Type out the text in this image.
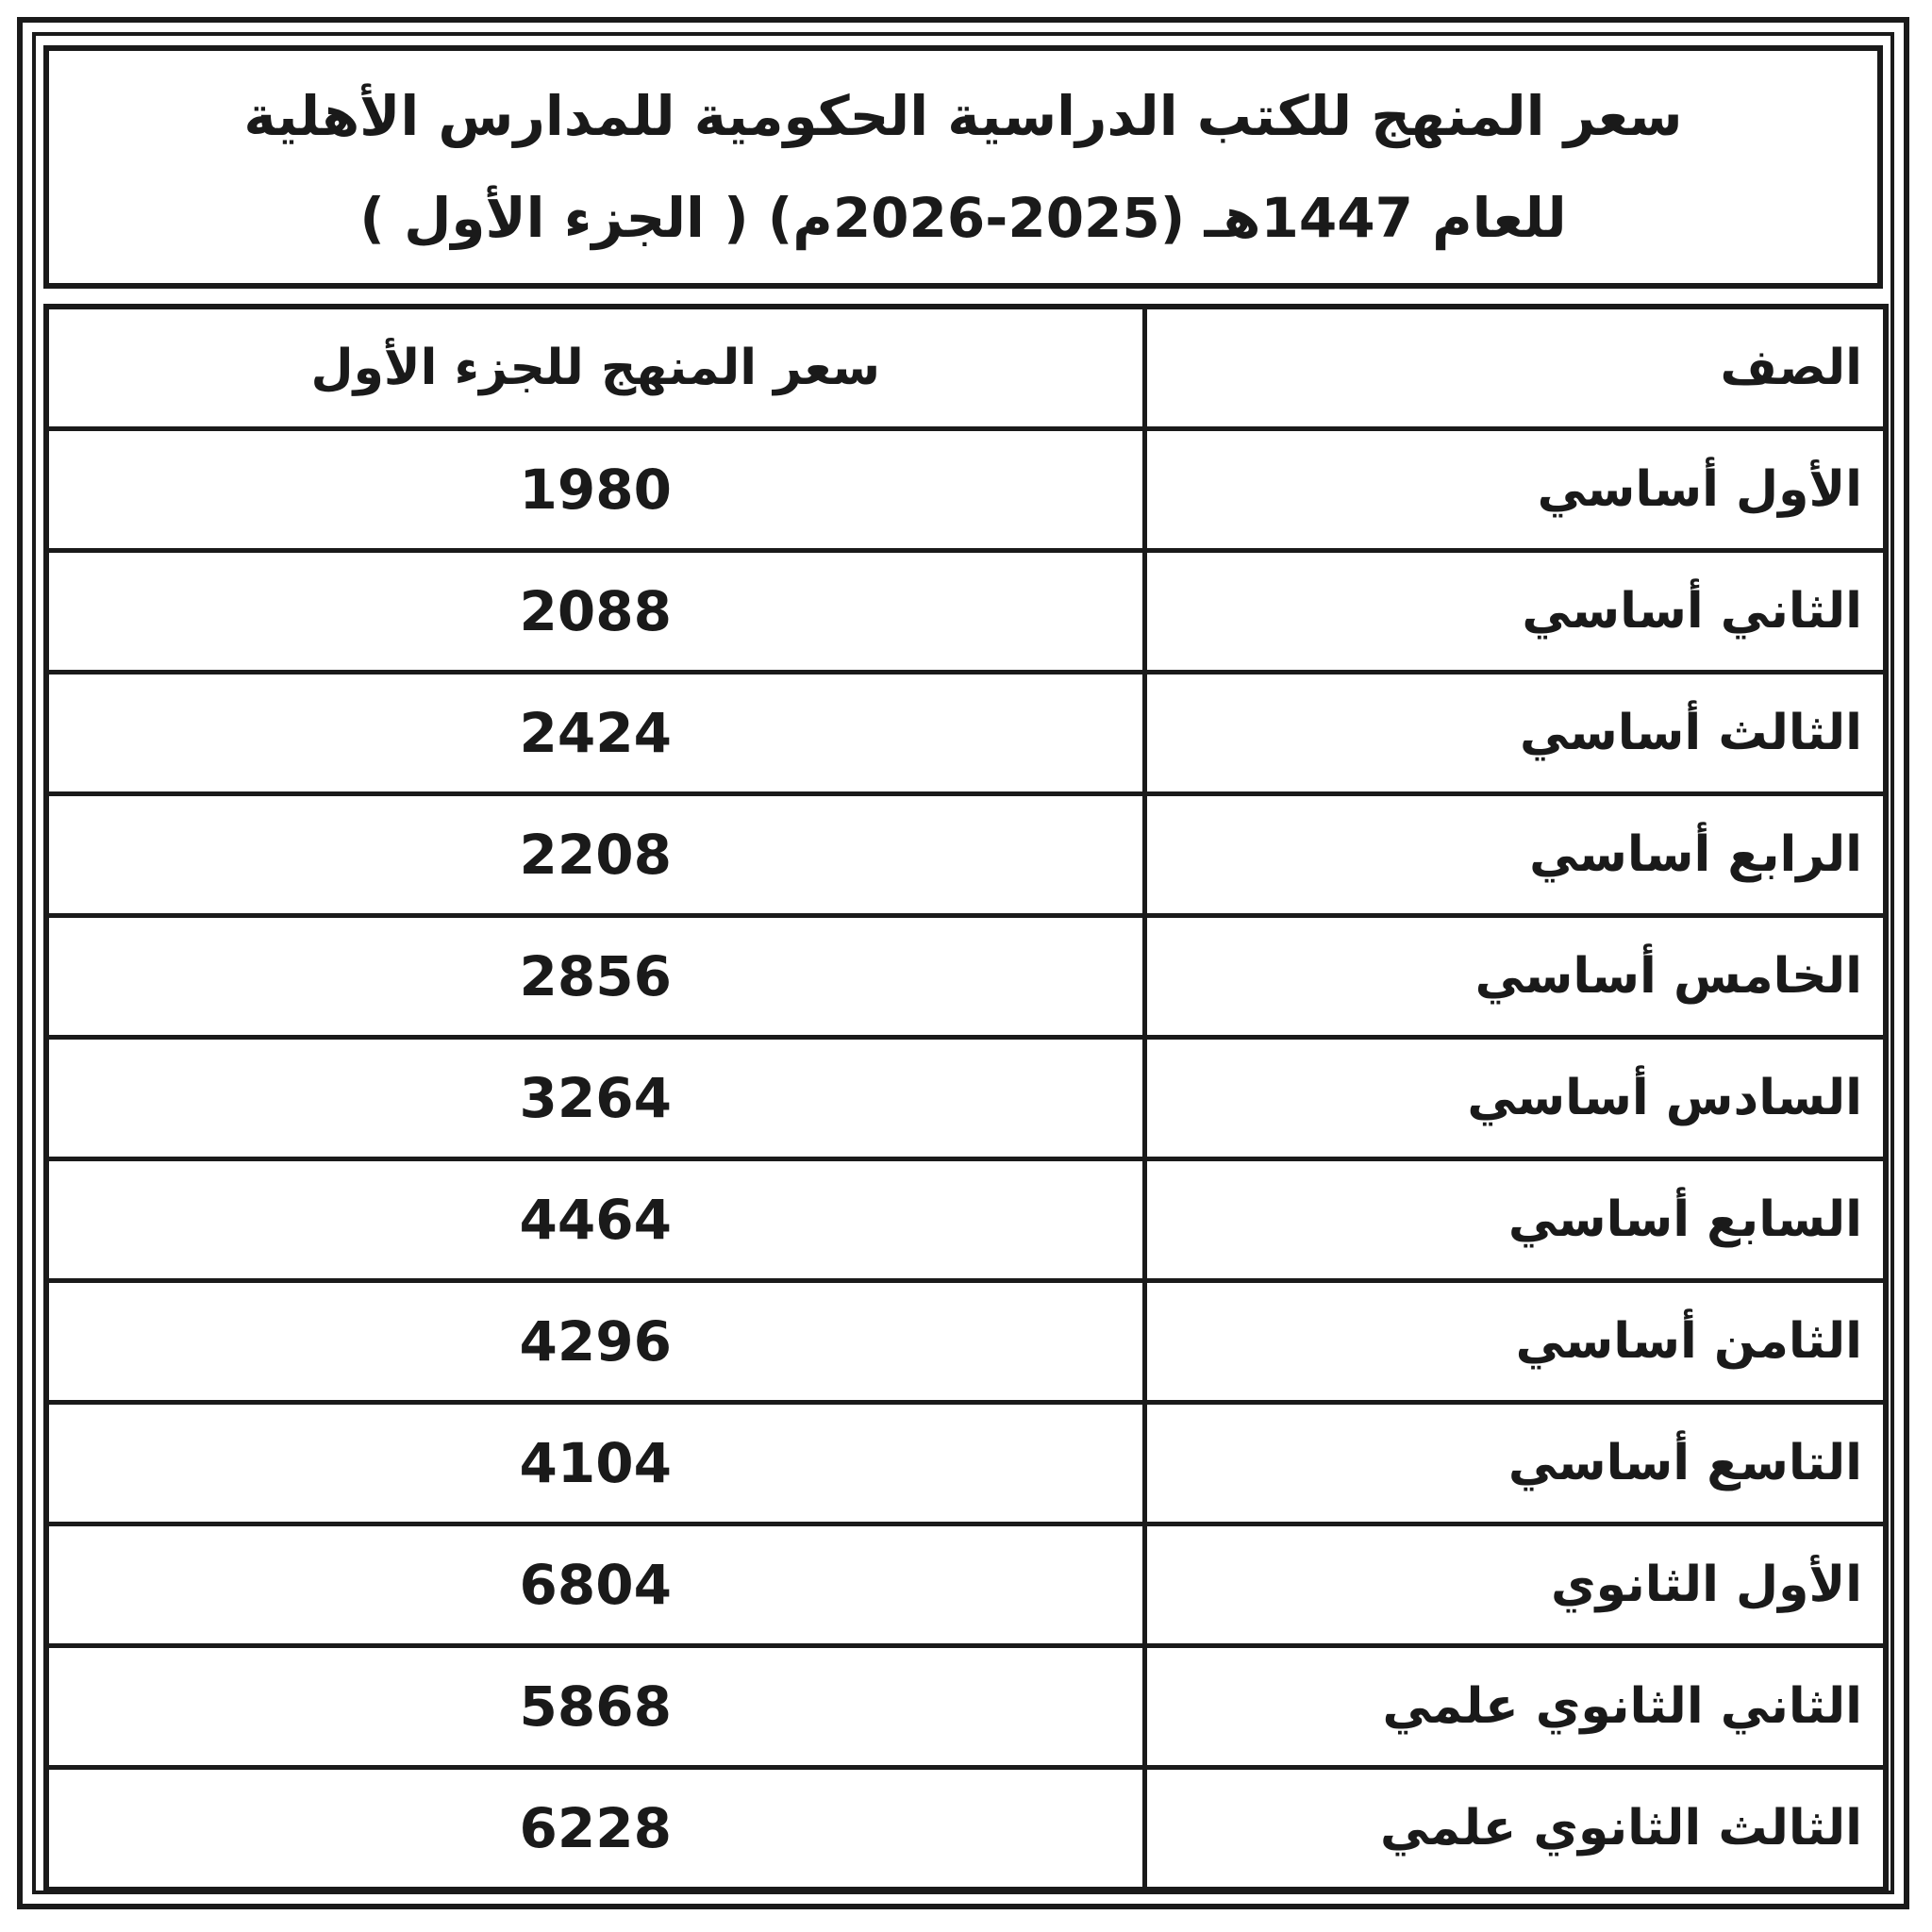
سعر المنهج للكتب الدراسية الحكومية للمدارس الأهلية
للعام 1447هـ (2025-2026م) ( الجزء الأول )
الصف	سعر المنهج للجزء الأول
الأول أساسي	1980
الثاني أساسي	2088
الثالث أساسي	2424
الرابع أساسي	2208
الخامس أساسي	2856
السادس أساسي	3264
السابع أساسي	4464
الثامن أساسي	4296
التاسع أساسي	4104
الأول الثانوي	6804
الثاني الثانوي علمي	5868
الثالث الثانوي علمي	6228
